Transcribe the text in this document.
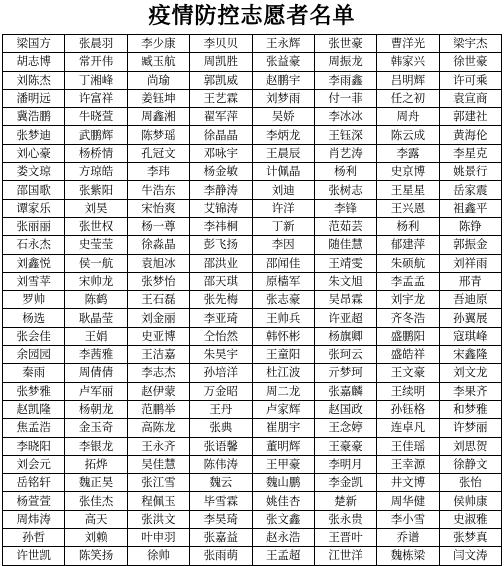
疫情防控志愿者名单
梁国方	张晨羽	李少康	李贝贝	王永辉	张世豪	曹洋光	梁宇杰
胡志博	常开伟	臧玉航	周凯胜	张益豪	周振龙	韩家兴	徐世豪
刘陈杰	丁湘峰	尚瑜	郭凯威	赵鹏宇	李雨鑫	吕明辉	许可乘
潘明远	许富祥	姜钰坤	王艺霖	刘梦雨	付一菲	任之初	袁宣商
冀浩鹏	牛晓萱	周鑫湘	翟军萍	吴娇	李冰冰	周舟	郭建社
张梦迪	武鹏辉	陈梦瑶	徐晶晶	李炳龙	王钰深	陈云成	黄海伦
刘心豪	杨桥情	孔冠文	邓咏宇	王晨辰	肖艺涛	李露	李星克
娄文琼	方琼皓	李玮	杨金敏	计佩晶	杨利	史京博	姚景行
邵国歌	张紫阳	牛浩东	李静涛	刘迪	张树志	王星星	岳家震
谭家乐	刘昊	宋怡爽	艾锦涛	许洋	李锋	王兴恩	祖鑫平
张丽丽	张世权	杨一尊	李祎桐	丁新	范茹芸	杨利	陈铮
石永杰	史莹莹	徐淼晶	彭飞扬	李因	随佳慧	郁建萍	郭振金
刘鑫悦	侯一航	袁旭冰	邵洪业	邵闻佳	王靖雯	朱硕航	刘祥雨
刘雪苹	宋帅龙	张梦怡	邵天琪	原樯军	朱文旭	李孟孟	邢青
罗帅	陈鹤	王石磊	张先梅	张志豪	吴昂霖	刘宇龙	吾迪原
杨选	耿晶莹	刘金丽	李亚琦	王帅兵	许亚超	齐冬浩	孙翼展
张会佳	王娟	史亚博	仝怡然	韩怀彬	杨旗卿	盛鹏阳	寇琪峰
余园园	李茜雅	王洁嘉	朱昊宇	王童阳	张珂云	盛皓祥	宋鑫隆
秦雨	周倩倩	李志杰	孙培洋	杜江波	亓梦珂	王文豪	刘文龙
张梦雅	卢军丽	赵伊蒙	万金昭	周二龙	张嘉麟	王续明	李果齐
赵凯隆	杨朝龙	范鹏举	王丹	卢家辉	赵国政	孙钰格	和梦雅
焦孟浩	金玉奇	高陈龙	张典	崔朋宇	王念婷	连卓凡	许梦丽
李晓阳	李银龙	王永齐	张语馨	董明辉	王豪豪	王佳瑶	刘思贺
刘会元	拓烨	吴佳慧	陈伟涛	王甲豪	李明月	王幸源	徐静文
岳铭轩	魏正昊	张江雪	魏云	魏山鹏	李金凯	井文博	张怡
杨萱萱	张佳杰	程佩玉	毕雪霖	姚佳杏	楚新	周华健	侯帅康
周炜涛	高天	张洪文	李昊琦	张文鑫	张永贵	李小雪	史淑雅
孙哲	刘赖	叶申羽	张嘉益	赵永浩	王晋叶	乔谱	张梦真
许世凯	陈笑扬	徐帅	张雨萌	王孟超	江世洋	魏栋梁	闫文涛
